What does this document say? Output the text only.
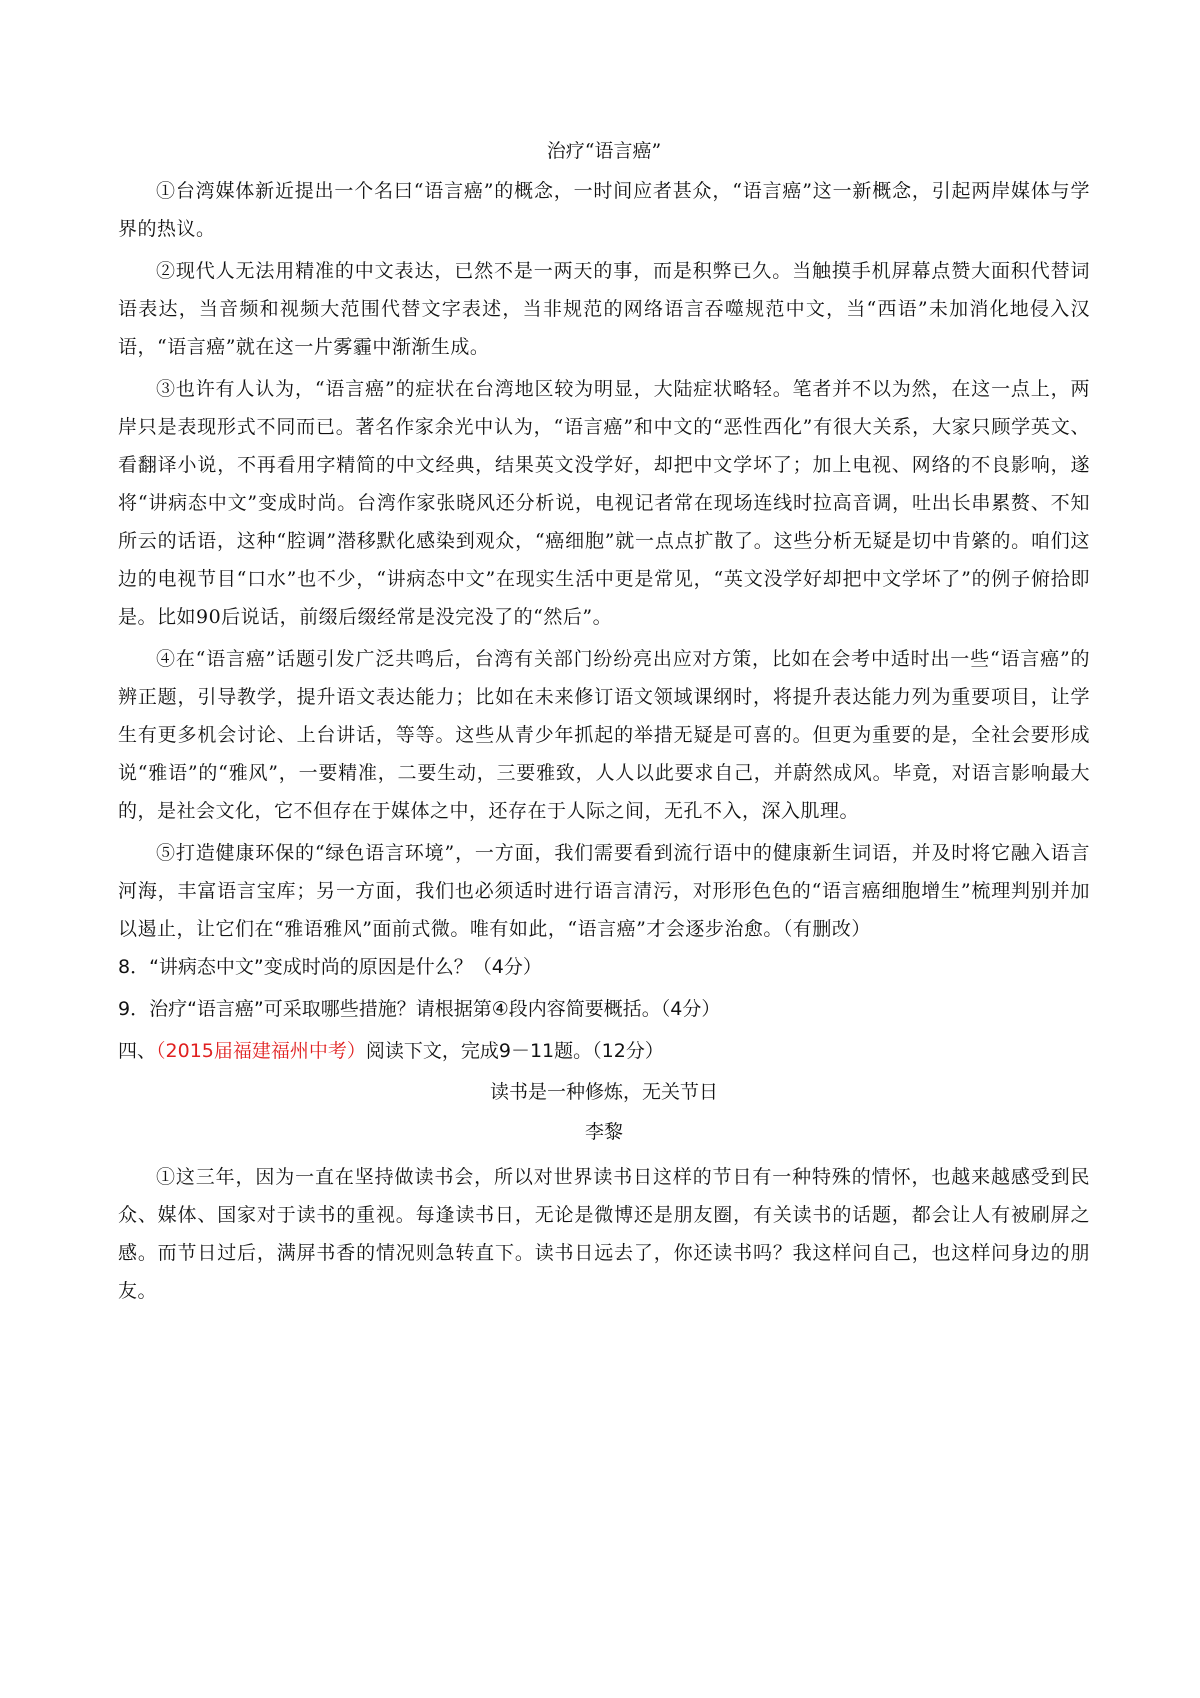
治疗“语言癌”

①台湾媒体新近提出一个名曰“语言癌”的概念，一时间应者甚众，“语言癌”这一新概念，引起两岸媒体与学界的热议。

②现代人无法用精准的中文表达，已然不是一两天的事，而是积弊已久。当触摸手机屏幕点赞大面积代替词语表达，当音频和视频大范围代替文字表述，当非规范的网络语言吞噬规范中文，当“西语”未加消化地侵入汉语，“语言癌”就在这一片雾霾中渐渐生成。

③也许有人认为，“语言癌”的症状在台湾地区较为明显，大陆症状略轻。笔者并不以为然，在这一点上，两岸只是表现形式不同而已。著名作家余光中认为，“语言癌”和中文的“恶性西化”有很大关系，大家只顾学英文、看翻译小说，不再看用字精简的中文经典，结果英文没学好，却把中文学坏了；加上电视、网络的不良影响，遂将“讲病态中文”变成时尚。台湾作家张晓风还分析说，电视记者常在现场连线时拉高音调，吐出长串累赘、不知所云的话语，这种“腔调”潜移默化感染到观众，“癌细胞”就一点点扩散了。这些分析无疑是切中肯綮的。咱们这边的电视节目“口水”也不少，“讲病态中文”在现实生活中更是常见，“英文没学好却把中文学坏了”的例子俯拾即是。比如90后说话，前缀后缀经常是没完没了的“然后”。

④在“语言癌”话题引发广泛共鸣后，台湾有关部门纷纷亮出应对方策，比如在会考中适时出一些“语言癌”的辨正题，引导教学，提升语文表达能力；比如在未来修订语文领域课纲时，将提升表达能力列为重要项目，让学生有更多机会讨论、上台讲话，等等。这些从青少年抓起的举措无疑是可喜的。但更为重要的是，全社会要形成说“雅语”的“雅风”，一要精准，二要生动，三要雅致，人人以此要求自己，并蔚然成风。毕竟，对语言影响最大的，是社会文化，它不但存在于媒体之中，还存在于人际之间，无孔不入，深入肌理。

⑤打造健康环保的“绿色语言环境”，一方面，我们需要看到流行语中的健康新生词语，并及时将它融入语言河海，丰富语言宝库；另一方面，我们也必须适时进行语言清污，对形形色色的“语言癌细胞增生”梳理判别并加以遏止，让它们在“雅语雅风”面前式微。唯有如此，“语言癌”才会逐步治愈。（有删改）

8．“讲病态中文”变成时尚的原因是什么？（4分）
9．治疗“语言癌”可采取哪些措施？请根据第④段内容简要概括。（4分）
四、（2015届福建福州中考）阅读下文，完成9－11题。（12分）
读书是一种修炼，无关节日
李黎

①这三年，因为一直在坚持做读书会，所以对世界读书日这样的节日有一种特殊的情怀，也越来越感受到民众、媒体、国家对于读书的重视。每逢读书日，无论是微博还是朋友圈，有关读书的话题，都会让人有被刷屏之感。而节日过后，满屏书香的情况则急转直下。读书日远去了，你还读书吗？我这样问自己，也这样问身边的朋友。
